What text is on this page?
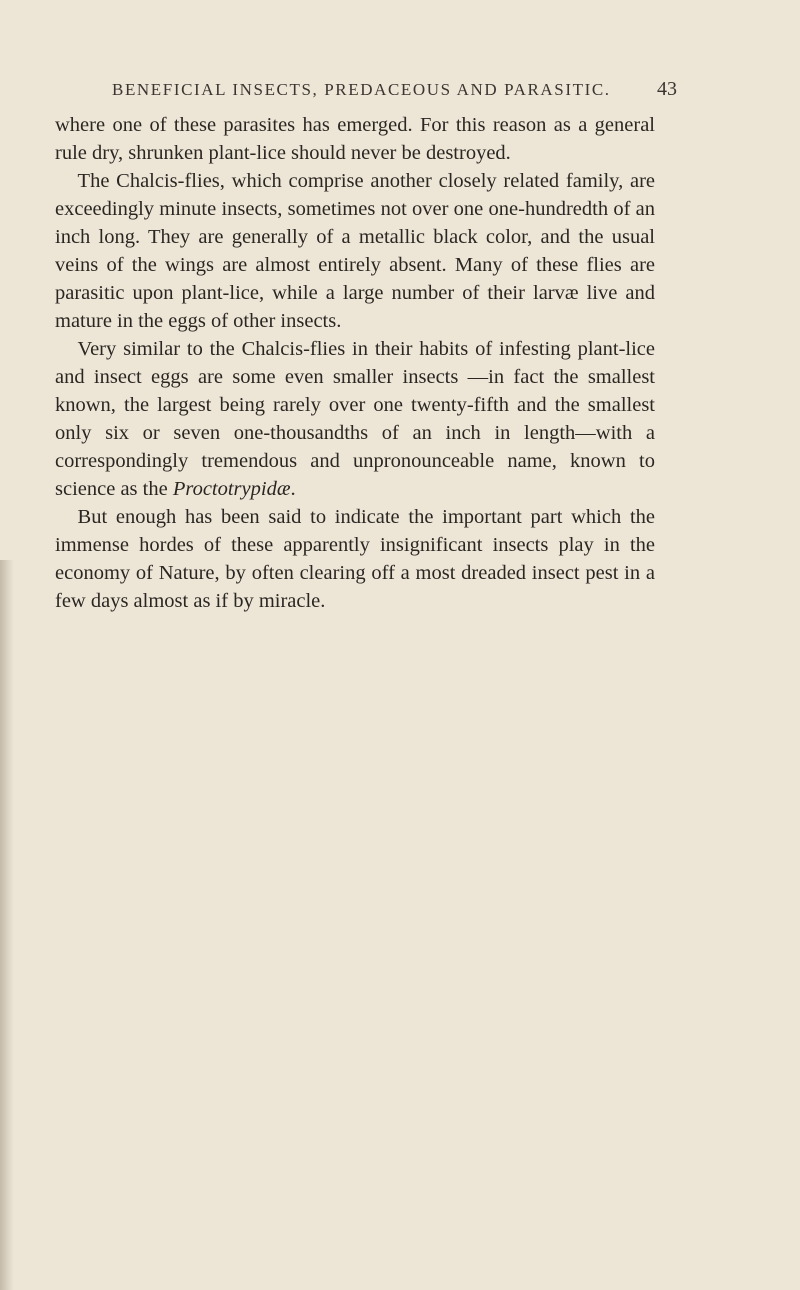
BENEFICIAL INSECTS, PREDACEOUS AND PARASITIC.	43

where one of these parasites has emerged. For this reason as a general rule dry, shrunken plant-lice should never be destroyed.

The Chalcis-flies, which comprise another closely related family, are exceedingly minute insects, sometimes not over one one-hundredth of an inch long. They are generally of a metallic black color, and the usual veins of the wings are almost entirely absent. Many of these flies are parasitic upon plant-lice, while a large number of their larvæ live and mature in the eggs of other insects.

Very similar to the Chalcis-flies in their habits of infesting plant-lice and insect eggs are some even smaller insects —in fact the smallest known, the largest being rarely over one twenty-fifth and the smallest only six or seven one-thousandths of an inch in length—with a correspondingly tremendous and unpronounceable name, known to science as the Proctotrypidæ.

But enough has been said to indicate the important part which the immense hordes of these apparently insignificant insects play in the economy of Nature, by often clearing off a most dreaded insect pest in a few days almost as if by miracle.
